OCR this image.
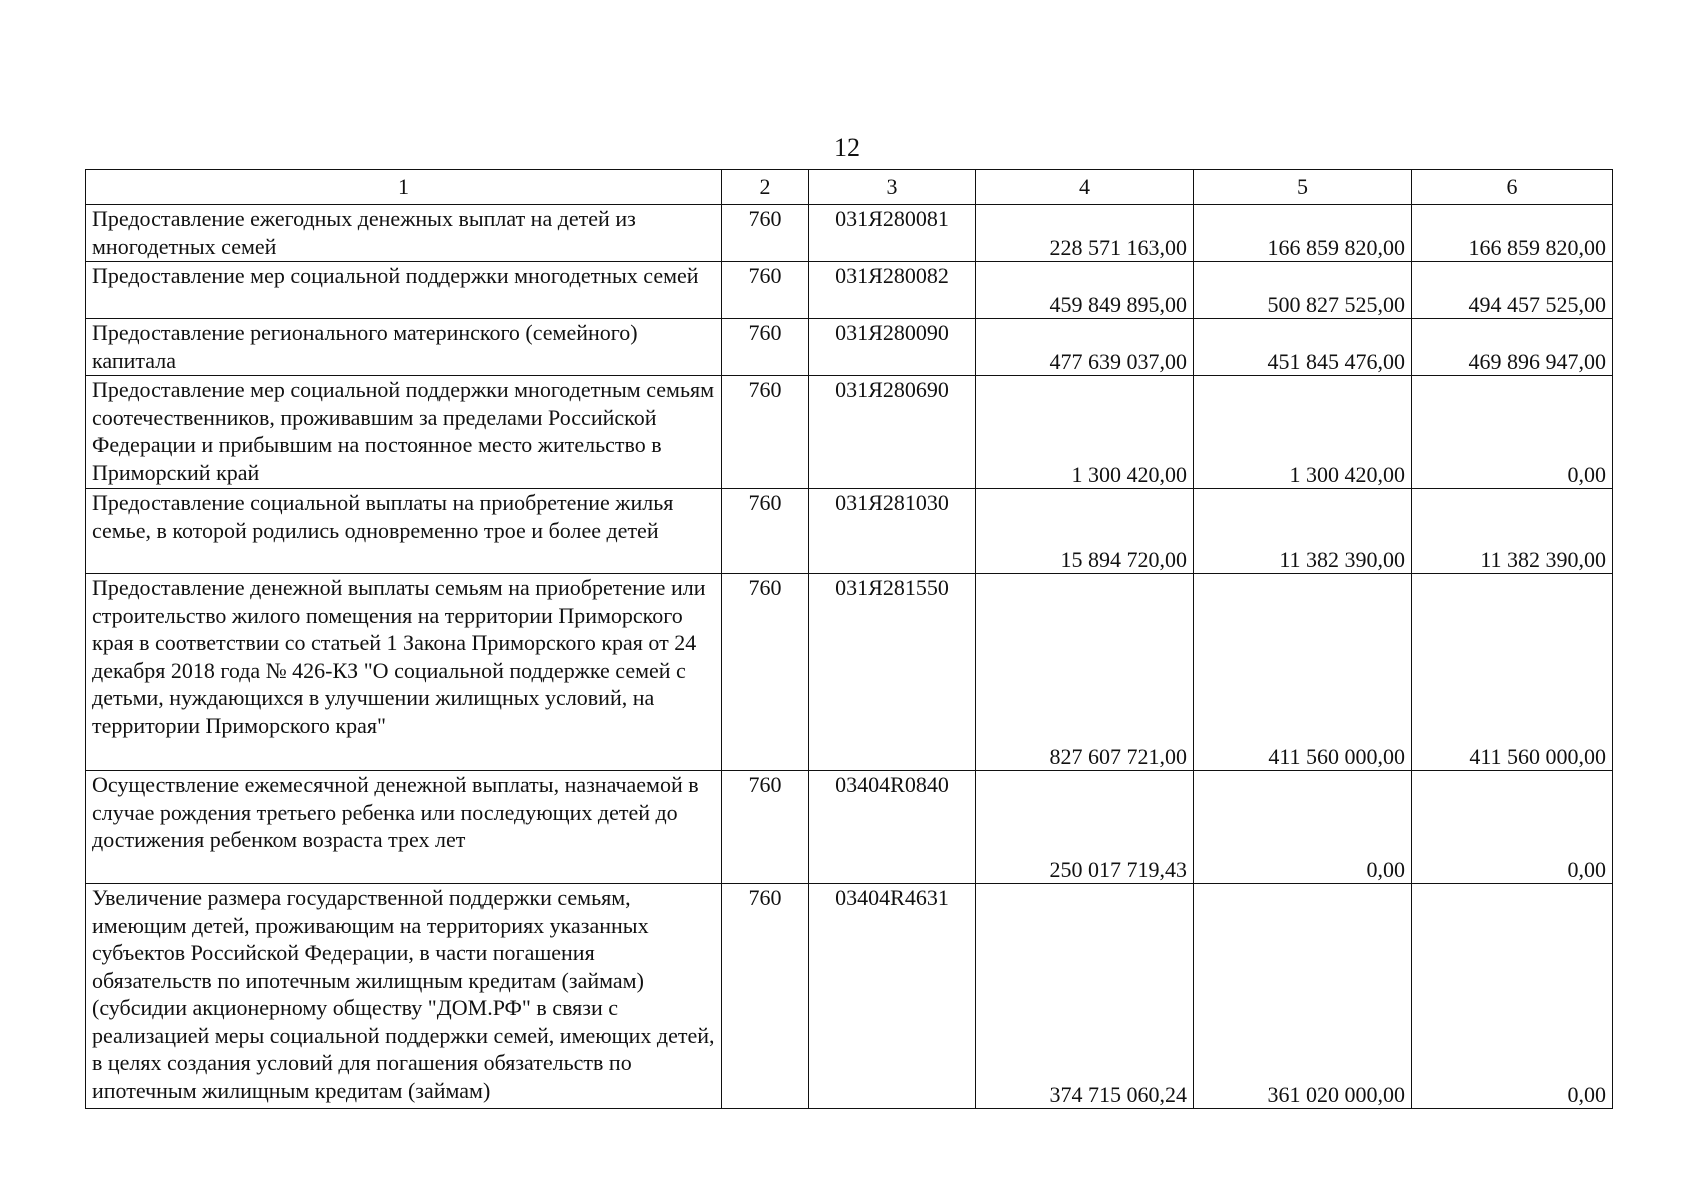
12
1	2	3	4	5	6
Предоставление ежегодных денежных выплат на детей из многодетных семей	760	031Я280081	228 571 163,00	166 859 820,00	166 859 820,00
Предоставление мер социальной поддержки многодетных семей	760	031Я280082	459 849 895,00	500 827 525,00	494 457 525,00
Предоставление регионального материнского (семейного) капитала	760	031Я280090	477 639 037,00	451 845 476,00	469 896 947,00
Предоставление мер социальной поддержки многодетным семьям соотечественников, проживавшим за пределами Российской Федерации и прибывшим на постоянное место жительство в Приморский край	760	031Я280690	1 300 420,00	1 300 420,00	0,00
Предоставление социальной выплаты на приобретение жилья семье, в которой родились одновременно трое и более детей	760	031Я281030	15 894 720,00	11 382 390,00	11 382 390,00
Предоставление денежной выплаты семьям на приобретение или строительство жилого помещения на территории Приморского края в соответствии со статьей 1 Закона Приморского края от 24 декабря 2018 года № 426-КЗ "О социальной поддержке семей с детьми, нуждающихся в улучшении жилищных условий, на территории Приморского края"	760	031Я281550	827 607 721,00	411 560 000,00	411 560 000,00
Осуществление ежемесячной денежной выплаты, назначаемой в случае рождения третьего ребенка или последующих детей до достижения ребенком возраста трех лет	760	03404R0840	250 017 719,43	0,00	0,00
Увеличение размера государственной поддержки семьям, имеющим детей, проживающим на территориях указанных субъектов Российской Федерации, в части погашения обязательств по ипотечным жилищным кредитам (займам) (субсидии акционерному обществу "ДОМ.РФ" в связи с реализацией меры социальной поддержки семей, имеющих детей, в целях создания условий для погашения обязательств по ипотечным жилищным кредитам (займам)	760	03404R4631	374 715 060,24	361 020 000,00	0,00
